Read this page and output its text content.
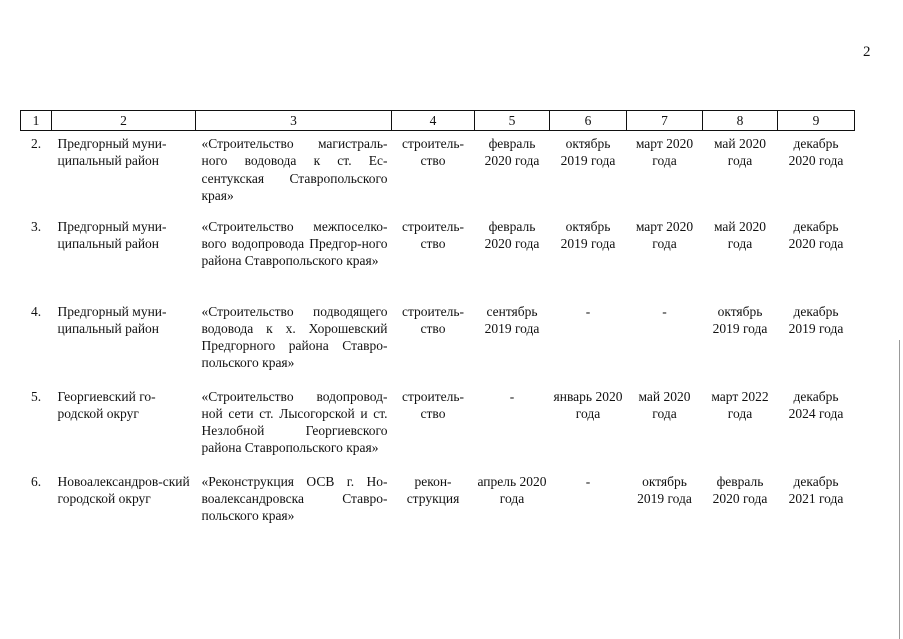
2
1	2	3	4	5	6	7	8	9
2.	Предгорный муни-ципальный район	«Строительство магистраль-ного водовода к ст. Ес-сентукская Ставропольского края»	строитель-ство	февраль 2020 года	октябрь 2019 года	март 2020 года	май 2020 года	декабрь 2020 года
3.	Предгорный муни-ципальный район	«Строительство межпоселко-вого водопровода Предгор-ного района Ставропольского края»	строитель-ство	февраль 2020 года	октябрь 2019 года	март 2020 года	май 2020 года	декабрь 2020 года
4.	Предгорный муни-ципальный район	«Строительство подводящего водовода к х. Хорошевский Предгорного района Ставро-польского края»	строитель-ство	сентябрь 2019 года	-	-	октябрь 2019 года	декабрь 2019 года
5.	Георгиевский го-родской округ	«Строительство водопровод-ной сети ст. Лысогорской и ст. Незлобной Георгиевского района Ставропольского края»	строитель-ство	-	январь 2020 года	май 2020 года	март 2022 года	декабрь 2024 года
6.	Новоалександров-ский городской округ	«Реконструкция ОСВ г. Но-воалександровска Ставро-польского края»	рекон-струкция	апрель 2020 года	-	октябрь 2019 года	февраль 2020 года	декабрь 2021 года
